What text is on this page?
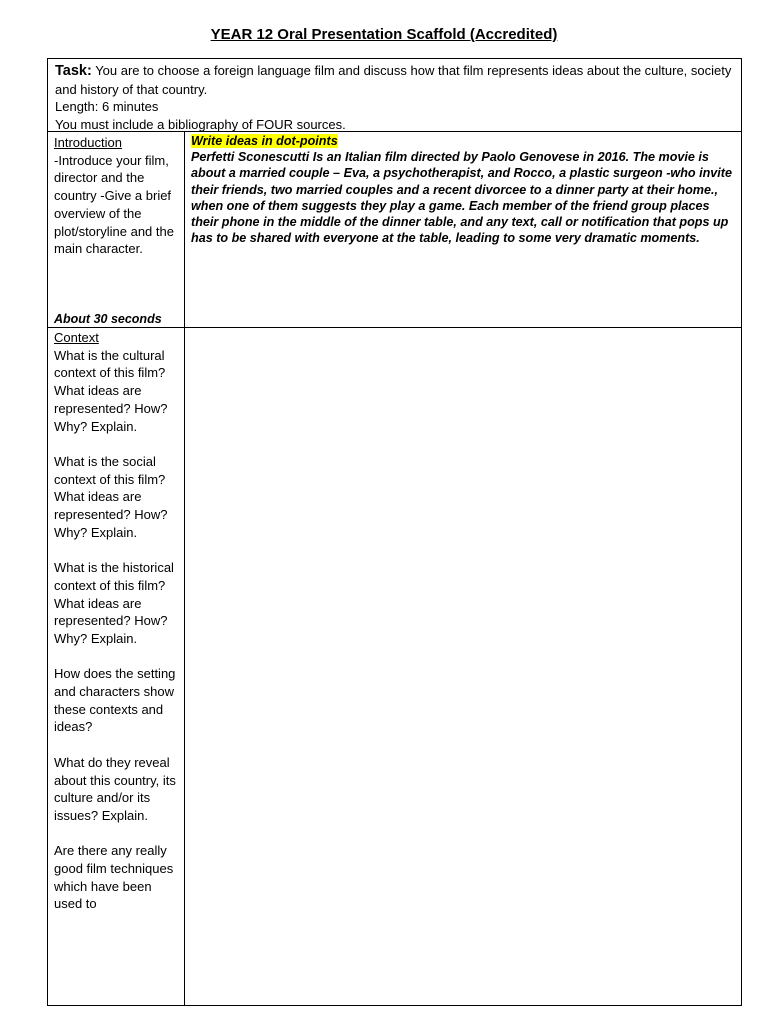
YEAR 12 Oral Presentation Scaffold (Accredited)

Task: You are to choose a foreign language film and discuss how that film represents ideas about the culture, society and history of that country.

Length: 6 minutes

You must include a bibliography of FOUR sources.

Introduction
-Introduce your film, director and the country -Give a brief overview of the plot/storyline and the main character.
About 30 seconds
Write ideas in dot-points
Perfetti Sconescutti Is an Italian film directed by Paolo Genovese in 2016. The movie is about a married couple – Eva, a psychotherapist, and Rocco, a plastic surgeon -who invite their friends, two married couples and a recent divorcee to a dinner party at their home., when one of them suggests they play a game. Each member of the friend group places their phone in the middle of the dinner table, and any text, call or notification that pops up has to be shared with everyone at the table, leading to some very dramatic moments.
Context

What is the cultural context of this film? What ideas are represented? How? Why? Explain.

What is the social context of this film? What ideas are represented? How? Why? Explain.

What is the historical context of this film? What ideas are represented? How? Why? Explain.

How does the setting and characters show these contexts and ideas?

What do they reveal about this country, its culture and/or its issues? Explain.

Are there any really good film techniques which have been used to
